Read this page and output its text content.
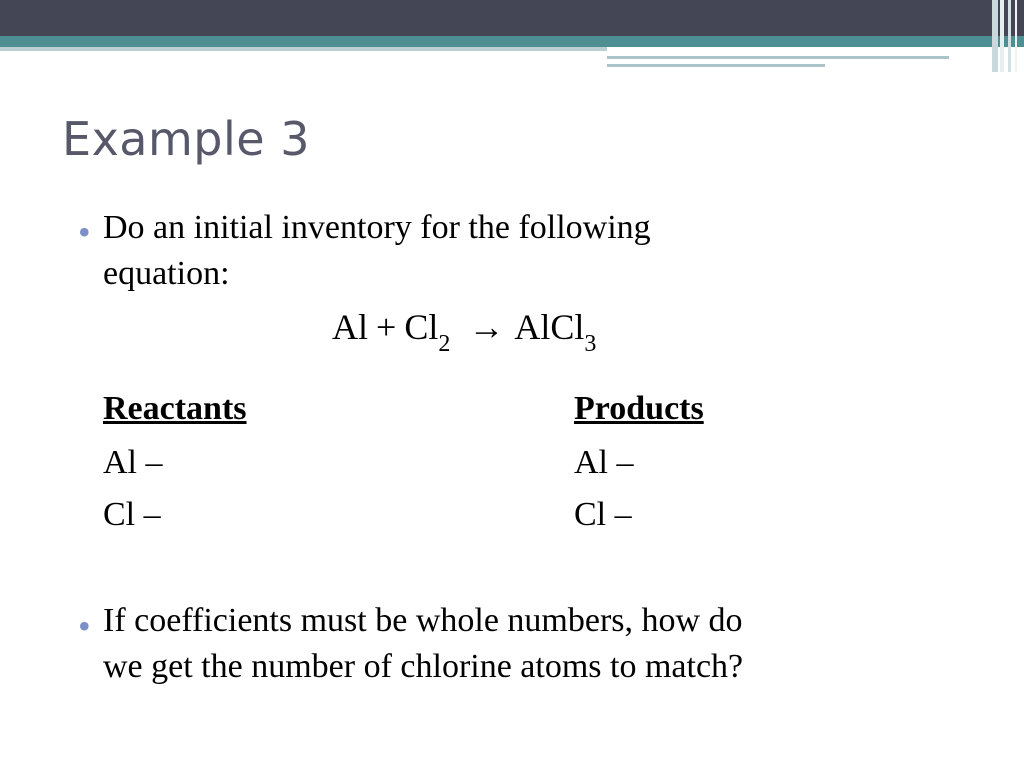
Example 3
• Do an initial inventory for the following
equation:
$Al + Cl_2$ → AlCl$_3$
Reactants
Al –
Cl –
Products
Al –
Cl –
• If coefficients must be whole numbers, how do
we get the number of chlorine atoms to match?
